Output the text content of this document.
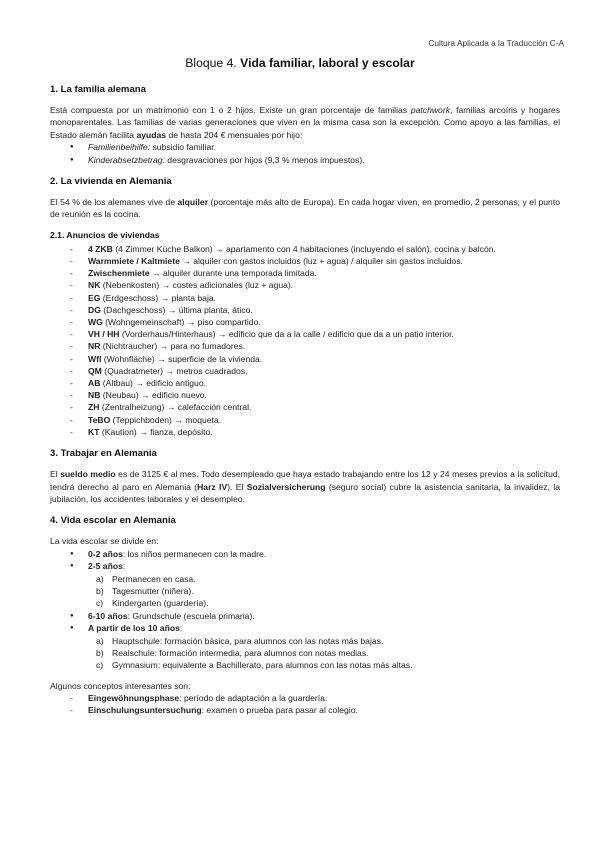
Cultura Aplicada a la Traducción C-A
Bloque 4. Vida familiar, laboral y escolar
1. La familia alemana

Está compuesta por un matrimonio con 1 o 2 hijos. Existe un gran porcentaje de familias patchwork, familias arcoíris y hogares monoparentales. Las familias de varias generaciones que viven en la misma casa son la excepción. Como apoyo a las familias, el Estado alemán facilita ayudas de hasta 204 € mensuales por hijo:

● Familienbeihilfe: subsidio familiar.
● Kinderabsetzbetrag: desgravaciones por hijos (9,3 % menos impuestos).
2. La vivienda en Alemania

El 54 % de los alemanes vive de alquiler (porcentaje más alto de Europa). En cada hogar viven, en promedio, 2 personas; y el punto de reunión es la cocina.

2.1. Anuncios de viviendas
- 4 ZKB (4 Zimmer Küche Balkon) → apartamento con 4 habitaciones (incluyendo el salón), cocina y balcón.
- Warmmiete / Kaltmiete → alquiler con gastos incluidos (luz + agua) / alquiler sin gastos incluidos.
- Zwischenmiete → alquiler durante una temporada limitada.
- NK (Nebenkosten) → costes adicionales (luz + agua).
- EG (Erdgeschoss) → planta baja.
- DG (Dachgeschoss) → última planta, ático.
- WG (Wohngemeinschaft) → piso compartido.
- VH / HH (Vorderhaus/Hinterhaus) → edificio que da a la calle / edificio que da a un patio interior.
- NR (Nichtraucher) → para no fumadores.
- Wfl (Wohnfläche) → superficie de la vivienda.
- QM (Quadratmeter) → metros cuadrados.
- AB (Altbau) → edificio antiguo.
- NB (Neubau) → edificio nuevo.
- ZH (Zentralheizung) → calefacción central.
- TeBO (Teppichboden) → moqueta.
- KT (Kaution) → fianza, depósito.
3. Trabajar en Alemania

El sueldo medio es de 3125 € al mes. Todo desempleado que haya estado trabajando entre los 12 y 24 meses previos a la solicitud, tendrá derecho al paro en Alemania (Harz IV). El Sozialversicherung (seguro social) cubre la asistencia sanitaria, la invalidez, la jubilación, los accidentes laborales y el desempleo.

4. Vida escolar en Alemania

La vida escolar se divide en:

● 0-2 años: los niños permanecen con la madre.
● 2-5 años:
a) Permanecen en casa.
b) Tagesmutter (niñera).
c) Kindergarten (guardería).
● 6-10 años: Grundschule (escuela primaria).
● A partir de los 10 años:
a) Hauptschule: formación básica, para alumnos con las notas más bajas.
b) Realschule: formación intermedia, para alumnos con notas medias.
c) Gymnasium: equivalente a Bachillerato, para alumnos con las notas más altas.

Algunos conceptos interesantes son:

- Eingewöhnungsphase: período de adaptación a la guardería.
- Einschulungsuntersuchung: examen o prueba para pasar al colegio.
